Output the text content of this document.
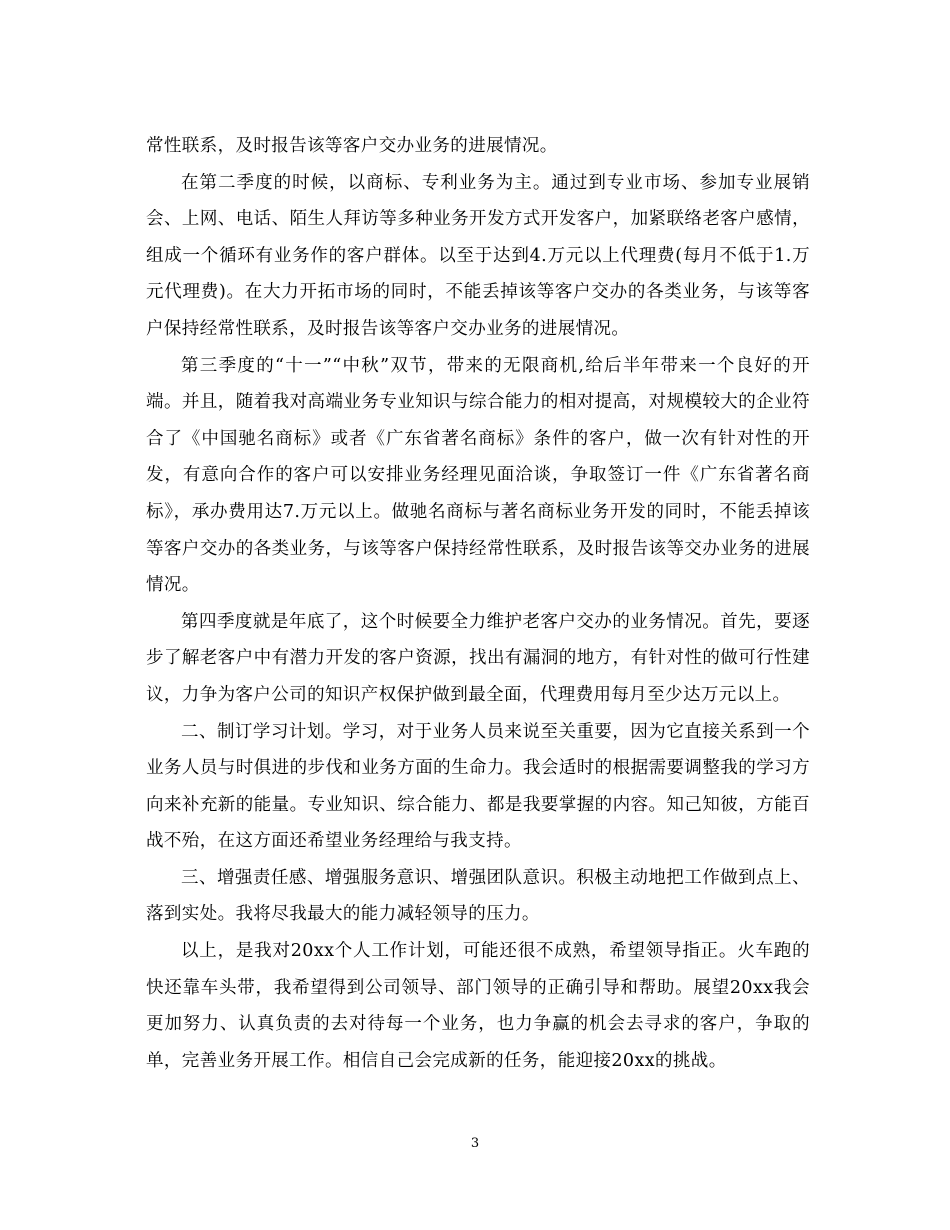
常性联系，及时报告该等客户交办业务的进展情况。

在第二季度的时候，以商标、专利业务为主。通过到专业市场、参加专业展销会、上网、电话、陌生人拜访等多种业务开发方式开发客户，加紧联络老客户感情，组成一个循环有业务作的客户群体。以至于达到4.万元以上代理费(每月不低于1.万元代理费)。在大力开拓市场的同时，不能丢掉该等客户交办的各类业务，与该等客户保持经常性联系，及时报告该等客户交办业务的进展情况。

第三季度的“十一”“中秋”双节，带来的无限商机,给后半年带来一个良好的开端。并且，随着我对高端业务专业知识与综合能力的相对提高，对规模较大的企业符合了《中国驰名商标》或者《广东省著名商标》条件的客户，做一次有针对性的开发，有意向合作的客户可以安排业务经理见面洽谈，争取签订一件《广东省著名商标》，承办费用达7.万元以上。做驰名商标与著名商标业务开发的同时，不能丢掉该等客户交办的各类业务，与该等客户保持经常性联系，及时报告该等交办业务的进展情况。

第四季度就是年底了，这个时候要全力维护老客户交办的业务情况。首先，要逐步了解老客户中有潜力开发的客户资源，找出有漏洞的地方，有针对性的做可行性建议，力争为客户公司的知识产权保护做到最全面，代理费用每月至少达万元以上。

二、制订学习计划。学习，对于业务人员来说至关重要，因为它直接关系到一个业务人员与时俱进的步伐和业务方面的生命力。我会适时的根据需要调整我的学习方向来补充新的能量。专业知识、综合能力、都是我要掌握的内容。知己知彼，方能百战不殆，在这方面还希望业务经理给与我支持。

三、增强责任感、增强服务意识、增强团队意识。积极主动地把工作做到点上、落到实处。我将尽我最大的能力减轻领导的压力。

以上，是我对20xx个人工作计划，可能还很不成熟，希望领导指正。火车跑的快还靠车头带，我希望得到公司领导、部门领导的正确引导和帮助。展望20xx我会更加努力、认真负责的去对待每一个业务，也力争赢的机会去寻求的客户，争取的单，完善业务开展工作。相信自己会完成新的任务，能迎接20xx的挑战。

3
